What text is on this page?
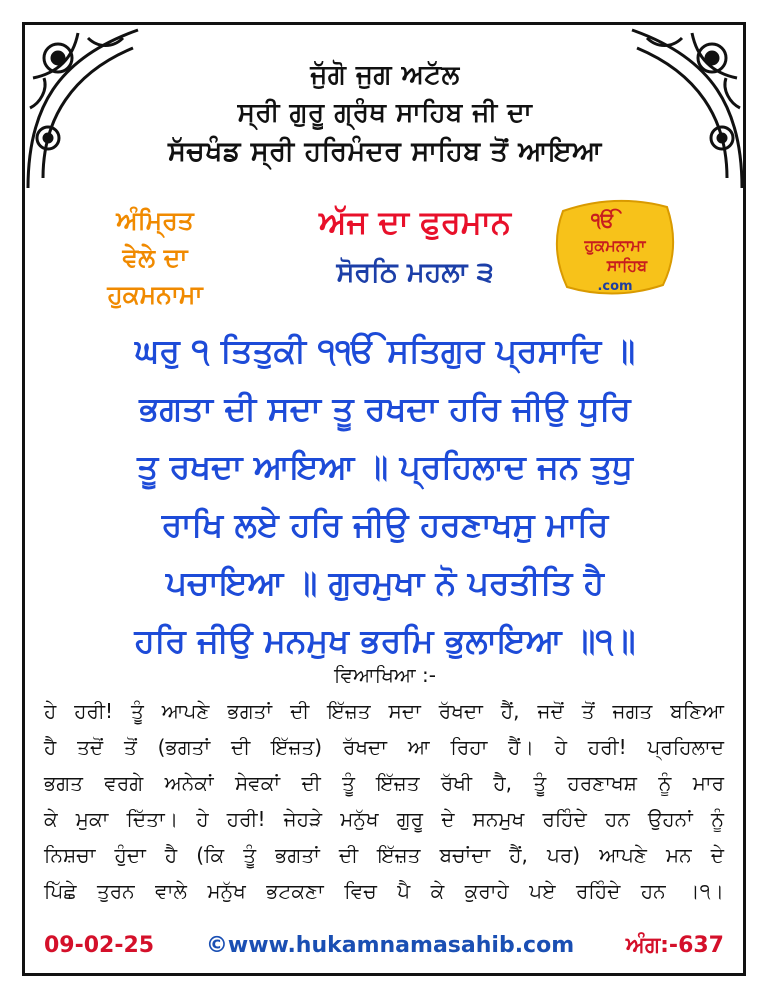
ਜੁੱਗੋ ਜੁਗ ਅਟੱਲ
ਸ੍ਰੀ ਗੁਰੂ ਗ੍ਰੰਥ ਸਾਹਿਬ ਜੀ ਦਾ
ਸੱਚਖੰਡ ਸ੍ਰੀ ਹਰਿਮੰਦਰ ਸਾਹਿਬ ਤੋਂ ਆਇਆ
ਅੰਮ੍ਰਿਤ
ਵੇਲੇ ਦਾ
ਹੁਕਮਨਾਮਾ
ਅੱਜ ਦਾ ਫੁਰਮਾਨ
ਸੋਰਠਿ ਮਹਲਾ ੩
ੴ
ਹੁਕਮਨਾਮਾ
ਸਾਹਿਬ
.com
ਘਰੁ ੧ ਤਿਤੁਕੀ ੧ੴ ਸਤਿਗੁਰ ਪ੍ਰਸਾਦਿ ॥
ਭਗਤਾ ਦੀ ਸਦਾ ਤੂ ਰਖਦਾ ਹਰਿ ਜੀਉ ਧੁਰਿ
ਤੂ ਰਖਦਾ ਆਇਆ ॥ ਪ੍ਰਹਿਲਾਦ ਜਨ ਤੁਧੁ
ਰਾਖਿ ਲਏ ਹਰਿ ਜੀਉ ਹਰਣਾਖਸੁ ਮਾਰਿ
ਪਚਾਇਆ ॥ ਗੁਰਮੁਖਾ ਨੋ ਪਰਤੀਤਿ ਹੈ
ਹਰਿ ਜੀਉ ਮਨਮੁਖ ਭਰਮਿ ਭੁਲਾਇਆ ॥੧॥
ਵਿਆਖਿਆ :-
ਹੇ ਹਰੀ! ਤੂੰ ਆਪਣੇ ਭਗਤਾਂ ਦੀ ਇੱਜ਼ਤ ਸਦਾ ਰੱਖਦਾ ਹੈਂ, ਜਦੋਂ ਤੋਂ ਜਗਤ ਬਣਿਆ
ਹੈ ਤਦੋਂ ਤੋਂ (ਭਗਤਾਂ ਦੀ ਇੱਜ਼ਤ) ਰੱਖਦਾ ਆ ਰਿਹਾ ਹੈਂ। ਹੇ ਹਰੀ! ਪ੍ਰਹਿਲਾਦ
ਭਗਤ ਵਰਗੇ ਅਨੇਕਾਂ ਸੇਵਕਾਂ ਦੀ ਤੂੰ ਇੱਜ਼ਤ ਰੱਖੀ ਹੈ, ਤੂੰ ਹਰਣਾਖਸ਼ ਨੂੰ ਮਾਰ
ਕੇ ਮੁਕਾ ਦਿੱਤਾ। ਹੇ ਹਰੀ! ਜੇਹੜੇ ਮਨੁੱਖ ਗੁਰੂ ਦੇ ਸਨਮੁਖ ਰਹਿੰਦੇ ਹਨ ਉਹਨਾਂ ਨੂੰ
ਨਿਸ਼ਚਾ ਹੁੰਦਾ ਹੈ (ਕਿ ਤੂੰ ਭਗਤਾਂ ਦੀ ਇੱਜ਼ਤ ਬਚਾਂਦਾ ਹੈਂ, ਪਰ) ਆਪਣੇ ਮਨ ਦੇ
ਪਿੱਛੇ ਤੁਰਨ ਵਾਲੇ ਮਨੁੱਖ ਭਟਕਣਾ ਵਿਚ ਪੈ ਕੇ ਕੁਰਾਹੇ ਪਏ ਰਹਿੰਦੇ ਹਨ ।੧।
09-02-25 ©www.hukamnamasahib.com ਅੰਗ:-637
